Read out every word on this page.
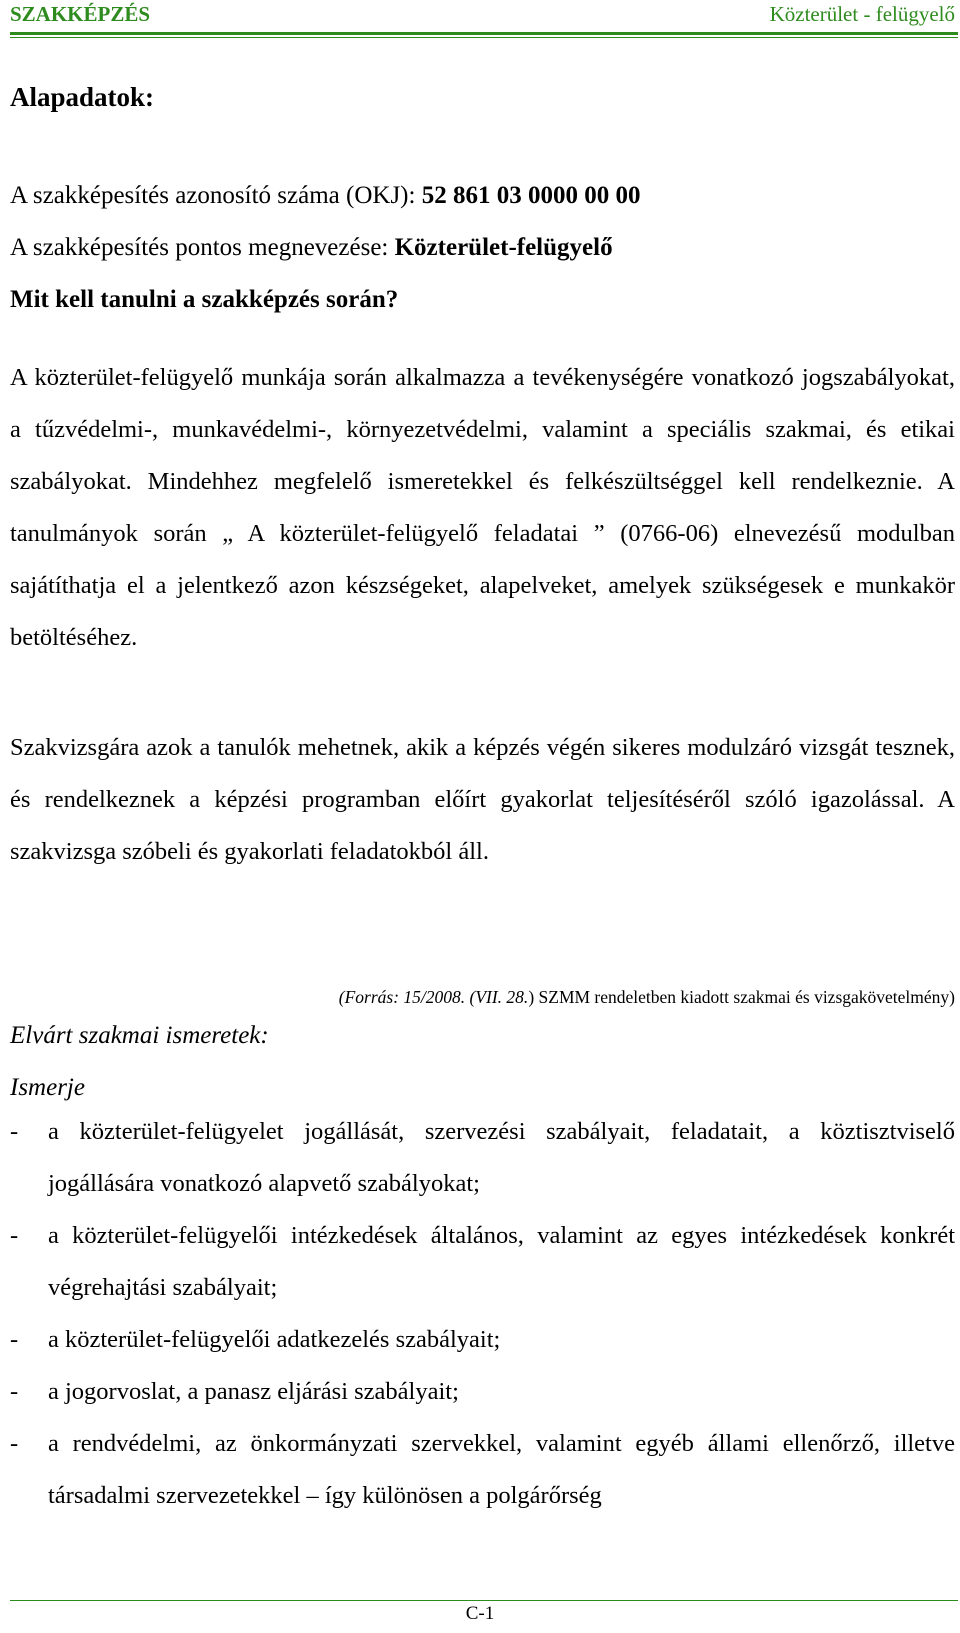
SZAKKÉPZÉS	Közterület - felügyelő
Alapadatok:
A szakképesítés azonosító száma (OKJ): 52 861 03 0000 00 00
A szakképesítés pontos megnevezése: Közterület-felügyelő
Mit kell tanulni a szakképzés során?
A közterület-felügyelő munkája során alkalmazza a tevékenységére vonatkozó jogszabályokat, a tűzvédelmi-, munkavédelmi-, környezetvédelmi, valamint a speciális szakmai, és etikai szabályokat. Mindehhez megfelelő ismeretekkel és felkészültséggel kell rendelkeznie. A tanulmányok során „ A közterület-felügyelő feladatai ” (0766-06) elnevezésű modulban sajátíthatja el a jelentkező azon készségeket, alapelveket, amelyek szükségesek e munkakör betöltéséhez.
Szakvizsgára azok a tanulók mehetnek, akik a képzés végén sikeres modulzáró vizsgát tesznek, és rendelkeznek a képzési programban előírt gyakorlat teljesítéséről szóló igazolással. A szakvizsga szóbeli és gyakorlati feladatokból áll.
(Forrás: 15/2008. (VII. 28.) SZMM rendeletben kiadott szakmai és vizsgakövetelmény)
Elvárt szakmai ismeretek:
Ismerje
- a közterület-felügyelet jogállását, szervezési szabályait, feladatait, a köztisztviselő jogállására vonatkozó alapvető szabályokat;
- a közterület-felügyelői intézkedések általános, valamint az egyes intézkedések konkrét végrehajtási szabályait;
- a közterület-felügyelői adatkezelés szabályait;
- a jogorvoslat, a panasz eljárási szabályait;
- a rendvédelmi, az önkormányzati szervekkel, valamint egyéb állami ellenőrző, illetve társadalmi szervezetekkel – így különösen a polgárőrség
C-1
